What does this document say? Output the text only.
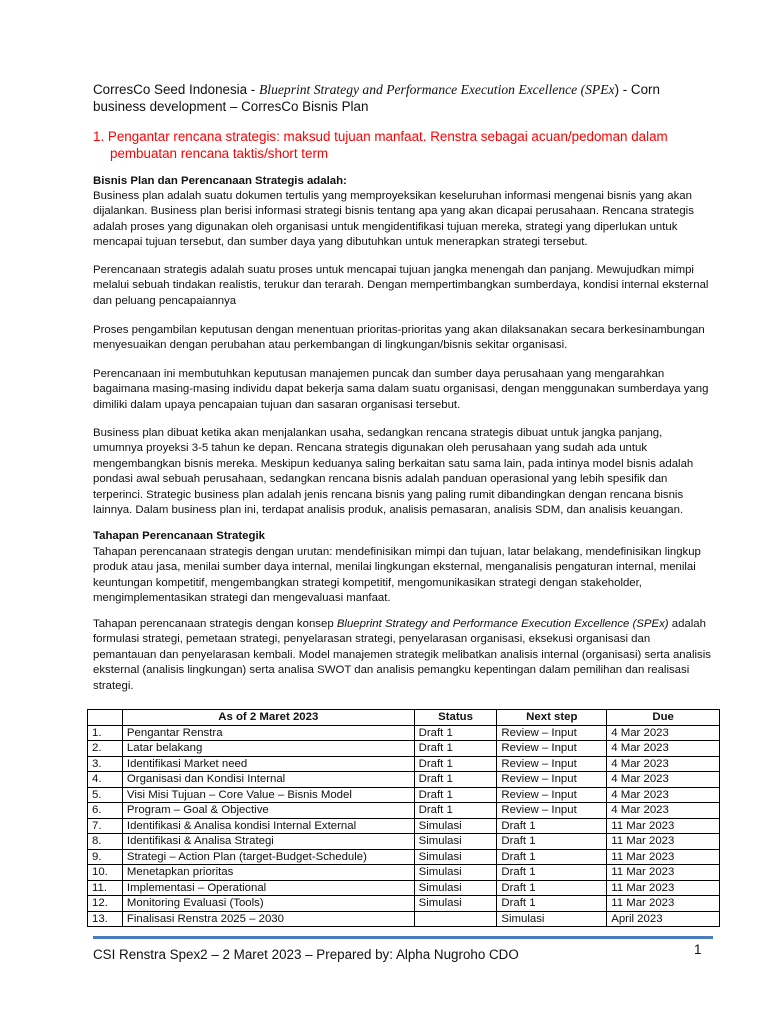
CorresCo Seed Indonesia - Blueprint Strategy and Performance Execution Excellence (SPEx) - Corn business development – CorresCo Bisnis Plan
1. Pengantar rencana strategis: maksud tujuan manfaat. Renstra sebagai acuan/pedoman dalam
pembuatan rencana taktis/short term
Bisnis Plan dan Perencanaan Strategis adalah:
Business plan adalah suatu dokumen tertulis yang memproyeksikan keseluruhan informasi mengenai bisnis yang akan dijalankan. Business plan berisi informasi strategi bisnis tentang apa yang akan dicapai perusahaan. Rencana strategis adalah proses yang digunakan oleh organisasi untuk mengidentifikasi tujuan mereka, strategi yang diperlukan untuk mencapai tujuan tersebut, dan sumber daya yang dibutuhkan untuk menerapkan strategi tersebut.
Perencanaan strategis adalah suatu proses untuk mencapai tujuan jangka menengah dan panjang. Mewujudkan mimpi melalui sebuah tindakan realistis, terukur dan terarah. Dengan mempertimbangkan sumberdaya, kondisi internal eksternal dan peluang pencapaiannya
Proses pengambilan keputusan dengan menentuan prioritas-prioritas yang akan dilaksanakan secara berkesinambungan menyesuaikan dengan perubahan atau perkembangan di lingkungan/bisnis sekitar organisasi.
Perencanaan ini membutuhkan keputusan manajemen puncak dan sumber daya perusahaan yang mengarahkan bagaimana masing-masing individu dapat bekerja sama dalam suatu organisasi, dengan menggunakan sumberdaya yang dimiliki dalam upaya pencapaian tujuan dan sasaran organisasi tersebut.
Business plan dibuat ketika akan menjalankan usaha, sedangkan rencana strategis dibuat untuk jangka panjang, umumnya proyeksi 3-5 tahun ke depan. Rencana strategis digunakan oleh perusahaan yang sudah ada untuk mengembangkan bisnis mereka. Meskipun keduanya saling berkaitan satu sama lain, pada intinya model bisnis adalah pondasi awal sebuah perusahaan, sedangkan rencana bisnis adalah panduan operasional yang lebih spesifik dan terperinci. Strategic business plan adalah jenis rencana bisnis yang paling rumit dibandingkan dengan rencana bisnis lainnya. Dalam business plan ini, terdapat analisis produk, analisis pemasaran, analisis SDM, dan analisis keuangan.
Tahapan Perencanaan Strategik
Tahapan perencanaan strategis dengan urutan: mendefinisikan mimpi dan tujuan, latar belakang, mendefinisikan lingkup produk atau jasa, menilai sumber daya internal, menilai lingkungan eksternal, menganalisis pengaturan internal, menilai keuntungan kompetitif, mengembangkan strategi kompetitif, mengomunikasikan strategi dengan stakeholder, mengimplementasikan strategi dan mengevaluasi manfaat.
Tahapan perencanaan strategis dengan konsep Blueprint Strategy and Performance Execution Excellence (SPEx) adalah formulasi strategi, pemetaan strategi, penyelarasan strategi, penyelarasan organisasi, eksekusi organisasi dan pemantauan dan penyelarasan kembali. Model manajemen strategik melibatkan analisis internal (organisasi) serta analisis eksternal (analisis lingkungan) serta analisa SWOT dan analisis pemangku kepentingan dalam pemilihan dan realisasi strategi.
	As of 2 Maret 2023	Status	Next step	Due
1.	Pengantar Renstra	Draft 1	Review – Input	4 Mar 2023
2.	Latar belakang	Draft 1	Review – Input	4 Mar 2023
3.	Identifikasi Market need	Draft 1	Review – Input	4 Mar 2023
4.	Organisasi dan Kondisi Internal	Draft 1	Review – Input	4 Mar 2023
5.	Visi Misi Tujuan – Core Value – Bisnis Model	Draft 1	Review – Input	4 Mar 2023
6.	Program – Goal & Objective	Draft 1	Review – Input	4 Mar 2023
7.	Identifikasi & Analisa kondisi Internal External	Simulasi	Draft 1	11 Mar 2023
8.	Identifikasi & Analisa Strategi	Simulasi	Draft 1	11 Mar 2023
9.	Strategi – Action Plan (target-Budget-Schedule)	Simulasi	Draft 1	11 Mar 2023
10.	Menetapkan prioritas	Simulasi	Draft 1	11 Mar 2023
11.	Implementasi – Operational	Simulasi	Draft 1	11 Mar 2023
12.	Monitoring Evaluasi (Tools)	Simulasi	Draft 1	11 Mar 2023
13.	Finalisasi Renstra 2025 – 2030		Simulasi	April 2023
CSI Renstra Spex2 – 2 Maret 2023 – Prepared by: Alpha Nugroho CDO	1
